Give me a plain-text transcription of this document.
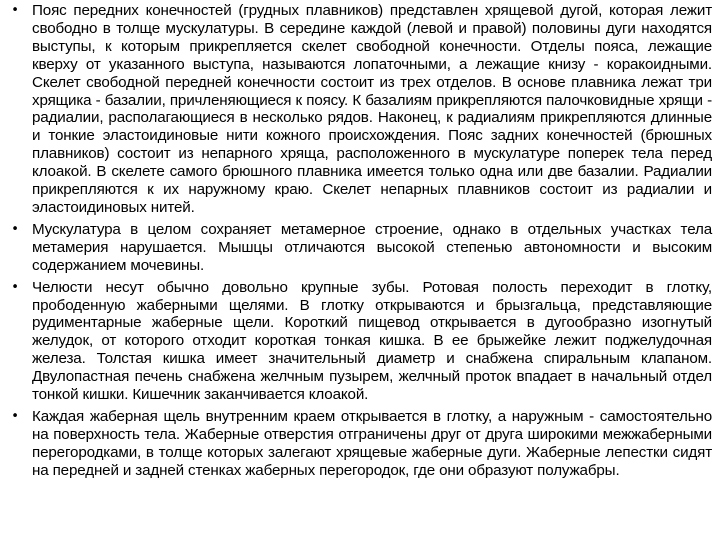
• Пояс передних конечностей (грудных плавников) представлен хрящевой дугой, которая лежит свободно в толще мускулатуры. В середине каждой (левой и правой) половины дуги находятся выступы, к которым прикрепляется скелет свободной конечности. Отделы пояса, лежащие кверху от указанного выступа, называются лопаточными, а лежащие книзу - коракоидными. Скелет свободной передней конечности состоит из трех отделов. В основе плавника лежат три хрящика - базалии, причленяющиеся к поясу. К базалиям прикрепляются палочковидные хрящи - радиалии, располагающиеся в несколько рядов. Наконец, к радиалиям прикрепляются длинные и тонкие эластоидиновые нити кожного происхождения. Пояс задних конечностей (брюшных плавников) состоит из непарного хряща, расположенного в мускулатуре поперек тела перед клоакой. В скелете самого брюшного плавника имеется только одна или две базалии. Радиалии прикрепляются к их наружному краю. Скелет непарных плавников состоит из радиалии и эластоидиновых нитей.
• Мускулатура в целом сохраняет метамерное строение, однако в отдельных участках тела метамерия нарушается. Мышцы отличаются высокой степенью автономности и высоким содержанием мочевины.
• Челюсти несут обычно довольно крупные зубы. Ротовая полость переходит в глотку, прободенную жаберными щелями. В глотку открываются и брызгальца, представляющие рудиментарные жаберные щели. Короткий пищевод открывается в дугообразно изогнутый желудок, от которого отходит короткая тонкая кишка. В ее брыжейке лежит поджелудочная железа. Толстая кишка имеет значительный диаметр и снабжена спиральным клапаном. Двулопастная печень снабжена желчным пузырем, желчный проток впадает в начальный отдел тонкой кишки. Кишечник заканчивается клоакой.
• Каждая жаберная щель внутренним краем открывается в глотку, а наружным - самостоятельно на поверхность тела. Жаберные отверстия отграничены друг от друга широкими межжаберными перегородками, в толще которых залегают хрящевые жаберные дуги. Жаберные лепестки сидят на передней и задней стенках жаберных перегородок, где они образуют полужабры.
